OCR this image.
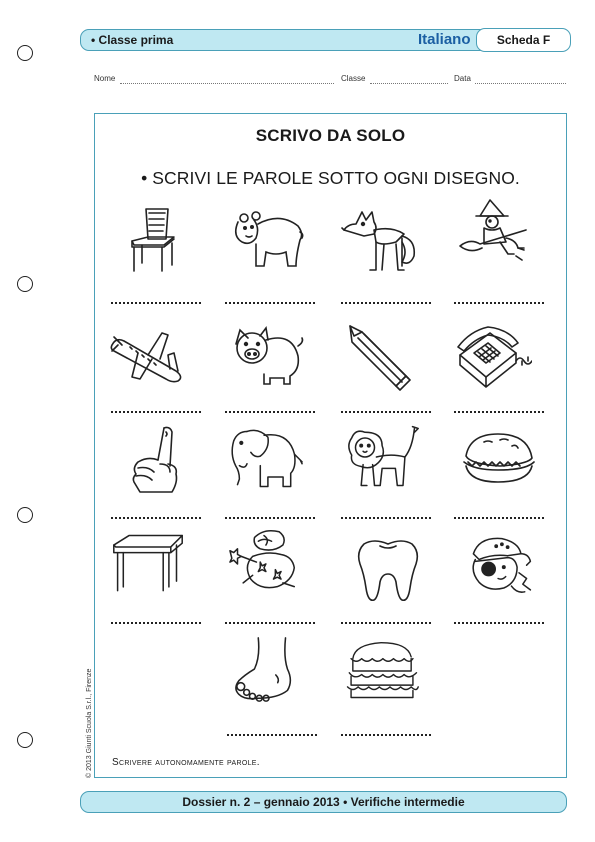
• Classe prima	Italiano	Scheda F
Nome	Classe	Data
SCRIVO DA SOLO
• SCRIVI LE PAROLE SOTTO OGNI DISEGNO.
Scrivere autonomamente parole.
© 2013 Giunti Scuola S.r.l., Firenze
Dossier n. 2 – gennaio 2013 • Verifiche intermedie
